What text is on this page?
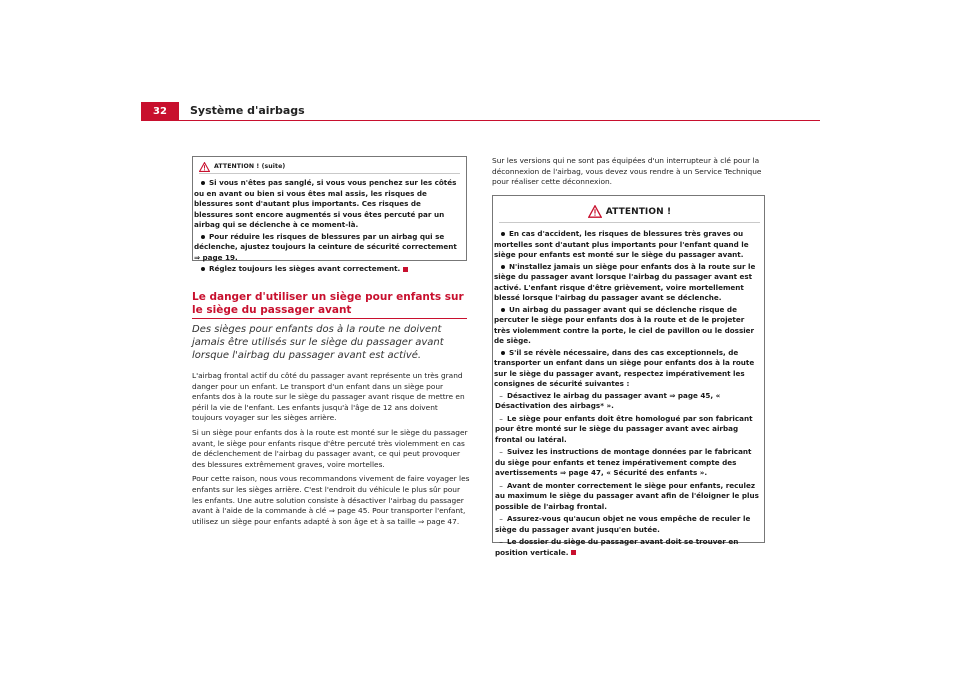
32	Système d'airbags
ATTENTION ! (suite)
Si vous n'êtes pas sanglé, si vous vous penchez sur les côtés ou en avant ou bien si vous êtes mal assis, les risques de blessures sont d'autant plus importants. Ces risques de blessures sont encore augmentés si vous êtes percuté par un airbag qui se déclenche à ce moment-là.
Pour réduire les risques de blessures par un airbag qui se déclenche, ajustez toujours la ceinture de sécurité correctement ⇒ page 19.
Réglez toujours les sièges avant correctement.
Le danger d'utiliser un siège pour enfants sur le siège du passager avant
Des sièges pour enfants dos à la route ne doivent jamais être utilisés sur le siège du passager avant lorsque l'airbag du passager avant est activé.

L'airbag frontal actif du côté du passager avant représente un très grand danger pour un enfant. Le transport d'un enfant dans un siège pour enfants dos à la route sur le siège du passager avant risque de mettre en péril la vie de l'enfant. Les enfants jusqu'à l'âge de 12 ans doivent toujours voyager sur les sièges arrière.

Si un siège pour enfants dos à la route est monté sur le siège du passager avant, le siège pour enfants risque d'être percuté très violemment en cas de déclenchement de l'airbag du passager avant, ce qui peut provoquer des blessures extrêmement graves, voire mortelles.

Pour cette raison, nous vous recommandons vivement de faire voyager les enfants sur les sièges arrière. C'est l'endroit du véhicule le plus sûr pour les enfants. Une autre solution consiste à désactiver l'airbag du passager avant à l'aide de la commande à clé ⇒ page 45. Pour transporter l'enfant, utilisez un siège pour enfants adapté à son âge et à sa taille ⇒ page 47.

Sur les versions qui ne sont pas équipées d'un interrupteur à clé pour la déconnexion de l'airbag, vous devez vous rendre à un Service Technique pour réaliser cette déconnexion.

ATTENTION !
En cas d'accident, les risques de blessures très graves ou mortelles sont d'autant plus importants pour l'enfant quand le siège pour enfants est monté sur le siège du passager avant.
N'installez jamais un siège pour enfants dos à la route sur le siège du passager avant lorsque l'airbag du passager avant est activé. L'enfant risque d'être grièvement, voire mortellement blessé lorsque l'airbag du passager avant se déclenche.
Un airbag du passager avant qui se déclenche risque de percuter le siège pour enfants dos à la route et de le projeter très violemment contre la porte, le ciel de pavillon ou le dossier de siège.
S'il se révèle nécessaire, dans des cas exceptionnels, de transporter un enfant dans un siège pour enfants dos à la route sur le siège du passager avant, respectez impérativement les consignes de sécurité suivantes :
– Désactivez le airbag du passager avant ⇒ page 45, « Désactivation des airbags* ».
– Le siège pour enfants doit être homologué par son fabricant pour être monté sur le siège du passager avant avec airbag frontal ou latéral.
– Suivez les instructions de montage données par le fabricant du siège pour enfants et tenez impérativement compte des avertissements ⇒ page 47, « Sécurité des enfants ».
– Avant de monter correctement le siège pour enfants, reculez au maximum le siège du passager avant afin de l'éloigner le plus possible de l'airbag frontal.
– Assurez-vous qu'aucun objet ne vous empêche de reculer le siège du passager avant jusqu'en butée.
– Le dossier du siège du passager avant doit se trouver en position verticale.
